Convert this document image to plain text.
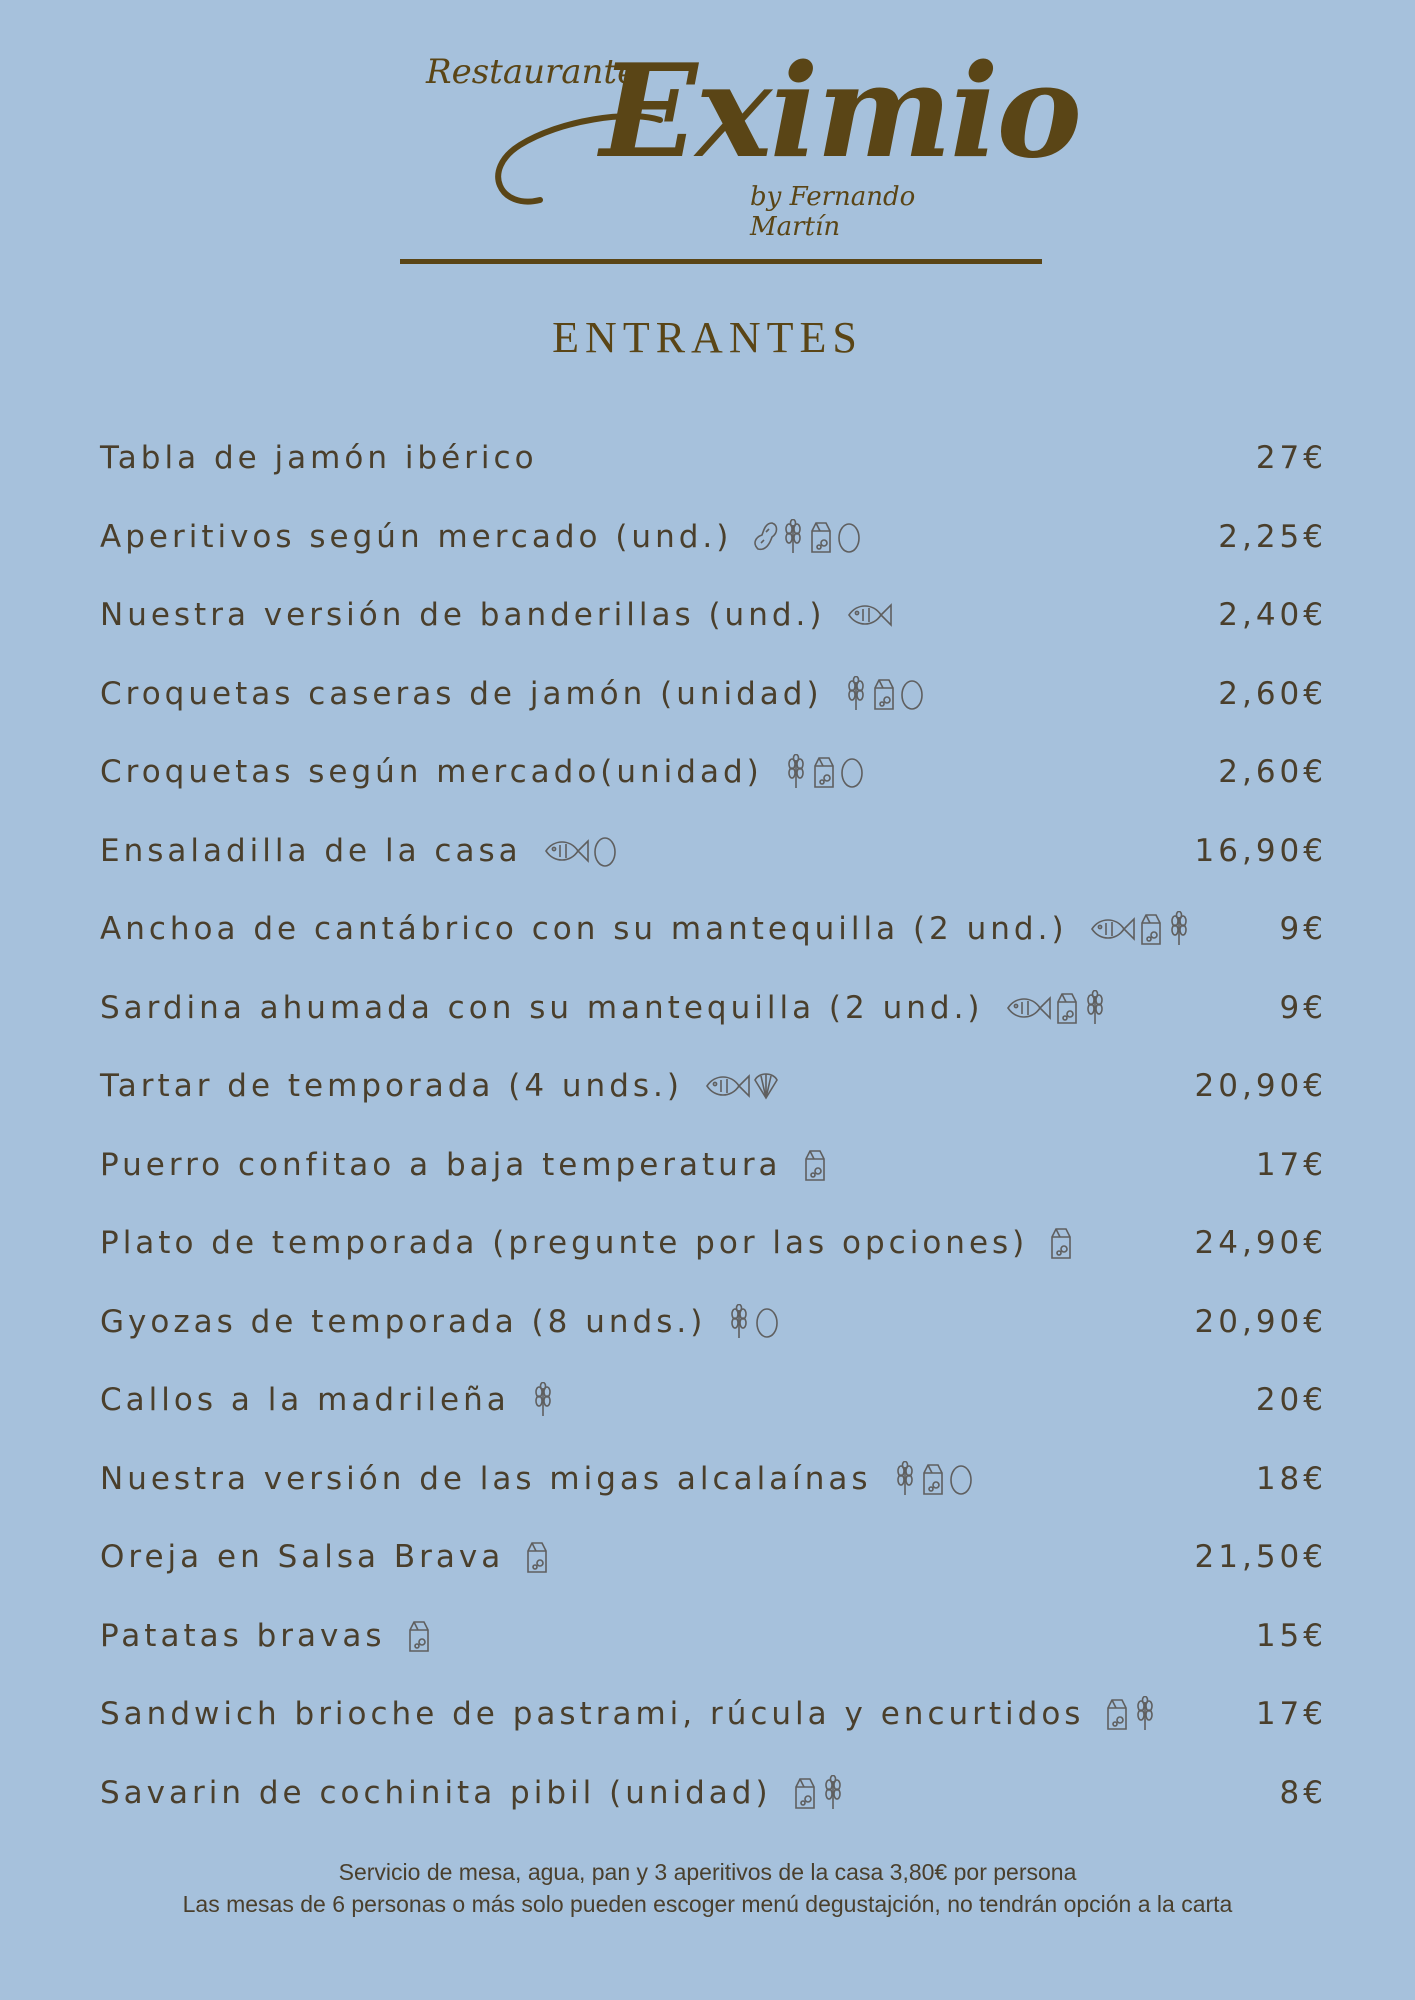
Restaurante
Eximio
by Fernando Martín
ENTRANTES
Tabla de jamón ibérico	27€
Aperitivos según mercado (und.)	2,25€
Nuestra versión de banderillas (und.)	2,40€
Croquetas caseras de jamón (unidad)	2,60€
Croquetas según mercado(unidad)	2,60€
Ensaladilla de la casa	16,90€
Anchoa de cantábrico con su mantequilla (2 und.)	9€
Sardina ahumada con su mantequilla (2 und.)	9€
Tartar de temporada (4 unds.)	20,90€
Puerro confitao a baja temperatura	17€
Plato de temporada (pregunte por las opciones)	24,90€
Gyozas de temporada (8 unds.)	20,90€
Callos a la madrileña	20€
Nuestra versión de las migas alcalaínas	18€
Oreja en Salsa Brava	21,50€
Patatas bravas	15€
Sandwich brioche de pastrami, rúcula y encurtidos	17€
Savarin de cochinita pibil (unidad)	8€
Servicio de mesa, agua, pan y 3 aperitivos de la casa 3,80€ por persona
Las mesas de 6 personas o más solo pueden escoger menú degustajción, no tendrán opción a la carta
